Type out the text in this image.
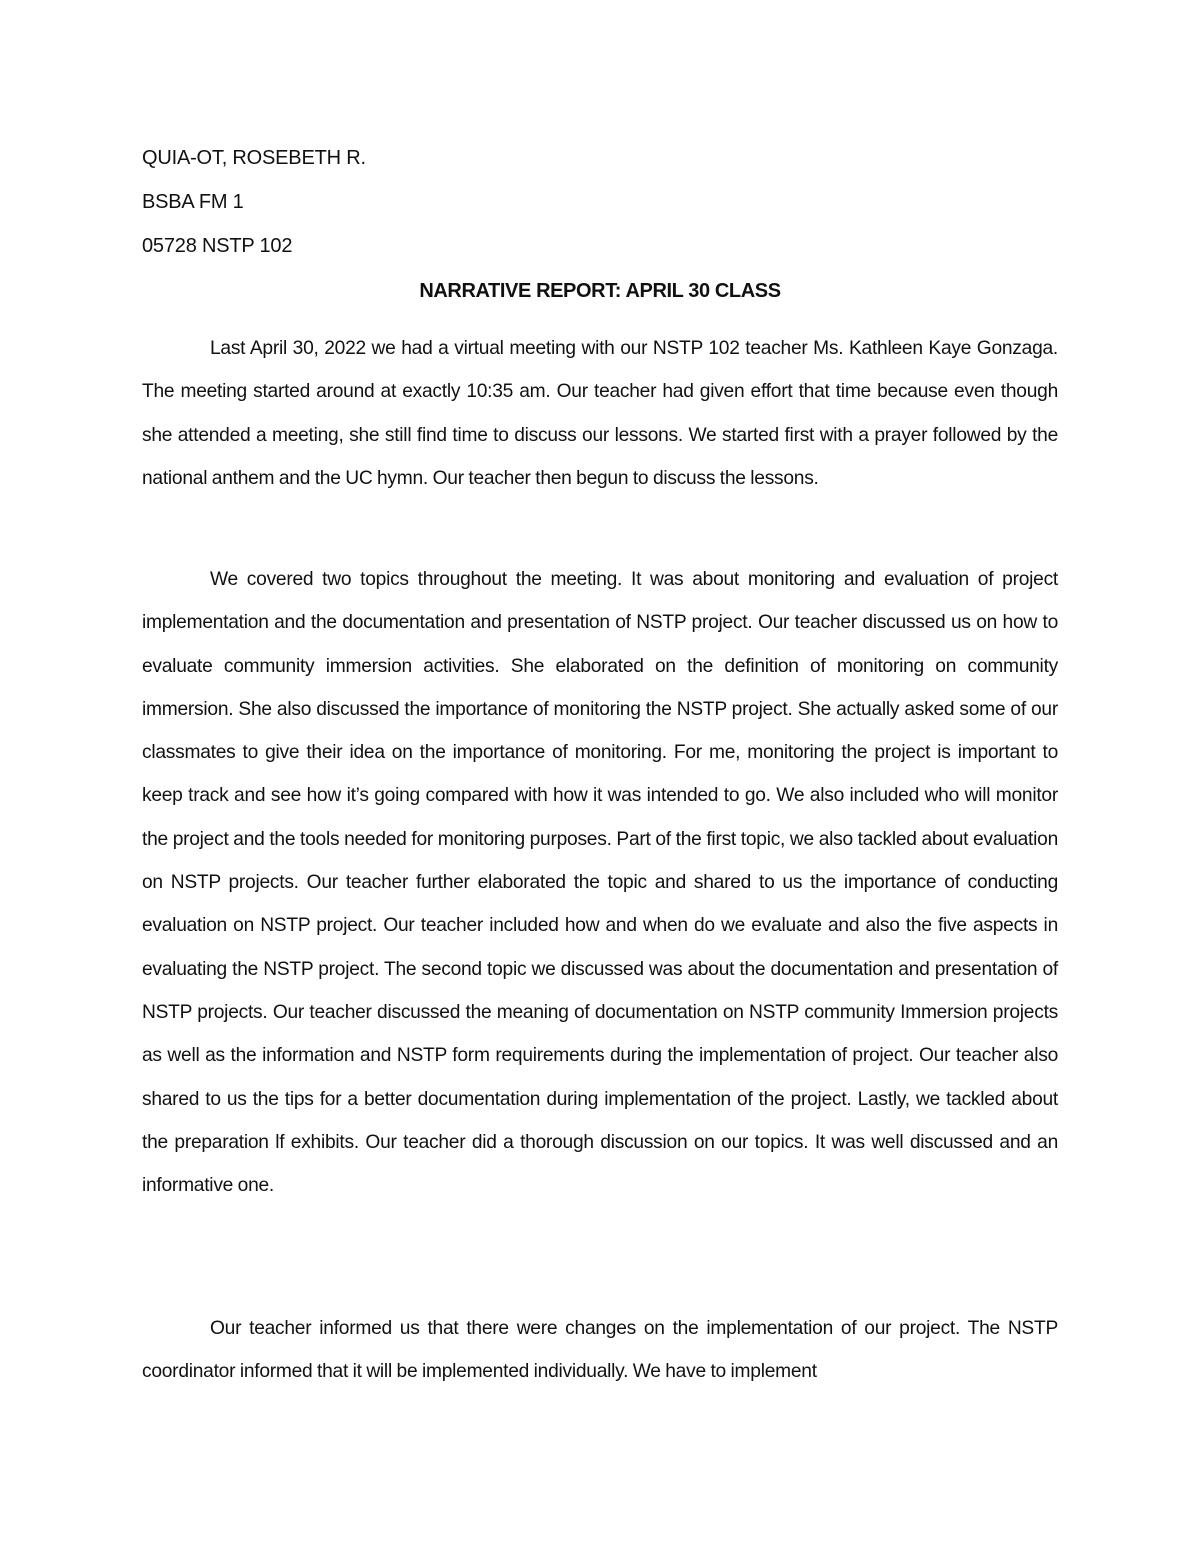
QUIA-OT, ROSEBETH R.
BSBA FM 1
05728 NSTP 102
NARRATIVE REPORT: APRIL 30 CLASS

Last April 30, 2022 we had a virtual meeting with our NSTP 102 teacher Ms. Kathleen Kaye Gonzaga. The meeting started around at exactly 10:35 am. Our teacher had given effort that time because even though she attended a meeting, she still find time to discuss our lessons. We started first with a prayer followed by the national anthem and the UC hymn. Our teacher then begun to discuss the lessons.

We covered two topics throughout the meeting. It was about monitoring and evaluation of project implementation and the documentation and presentation of NSTP project. Our teacher discussed us on how to evaluate community immersion activities. She elaborated on the definition of monitoring on community immersion. She also discussed the importance of monitoring the NSTP project. She actually asked some of our classmates to give their idea on the importance of monitoring. For me, monitoring the project is important to keep track and see how it’s going compared with how it was intended to go. We also included who will monitor the project and the tools needed for monitoring purposes. Part of the first topic, we also tackled about evaluation on NSTP projects. Our teacher further elaborated the topic and shared to us the importance of conducting evaluation on NSTP project. Our teacher included how and when do we evaluate and also the five aspects in evaluating the NSTP project. The second topic we discussed was about the documentation and presentation of NSTP projects. Our teacher discussed the meaning of documentation on NSTP community Immersion projects as well as the information and NSTP form requirements during the implementation of project. Our teacher also shared to us the tips for a better documentation during implementation of the project. Lastly, we tackled about the preparation lf exhibits. Our teacher did a thorough discussion on our topics. It was well discussed and an informative one.

Our teacher informed us that there were changes on the implementation of our project. The NSTP coordinator informed that it will be implemented individually. We have to implement
